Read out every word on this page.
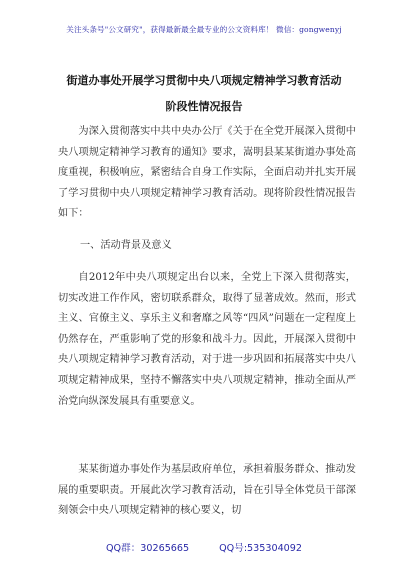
关注头条号"公文研究"，获得最新最全最专业的公文资料库！ 微信：gongwenyj
街道办事处开展学习贯彻中央八项规定精神学习教育活动
阶段性情况报告

为深入贯彻落实中共中央办公厅《关于在全党开展深入贯彻中央八项规定精神学习教育的通知》要求，嵩明县某某街道办事处高度重视，积极响应，紧密结合自身工作实际，全面启动并扎实开展了学习贯彻中央八项规定精神学习教育活动。现将阶段性情况报告如下：

一、活动背景及意义

自2012年中央八项规定出台以来，全党上下深入贯彻落实，切实改进工作作风，密切联系群众，取得了显著成效。然而，形式主义、官僚主义、享乐主义和奢靡之风等“四风”问题在一定程度上仍然存在，严重影响了党的形象和战斗力。因此，开展深入贯彻中央八项规定精神学习教育活动，对于进一步巩固和拓展落实中央八项规定精神成果，坚持不懈落实中央八项规定精神，推动全面从严治党向纵深发展具有重要意义。

某某街道办事处作为基层政府单位，承担着服务群众、推动发展的重要职责。开展此次学习教育活动，旨在引导全体党员干部深刻领会中央八项规定精神的核心要义，切

QQ群：30265665	QQ号:535304092
